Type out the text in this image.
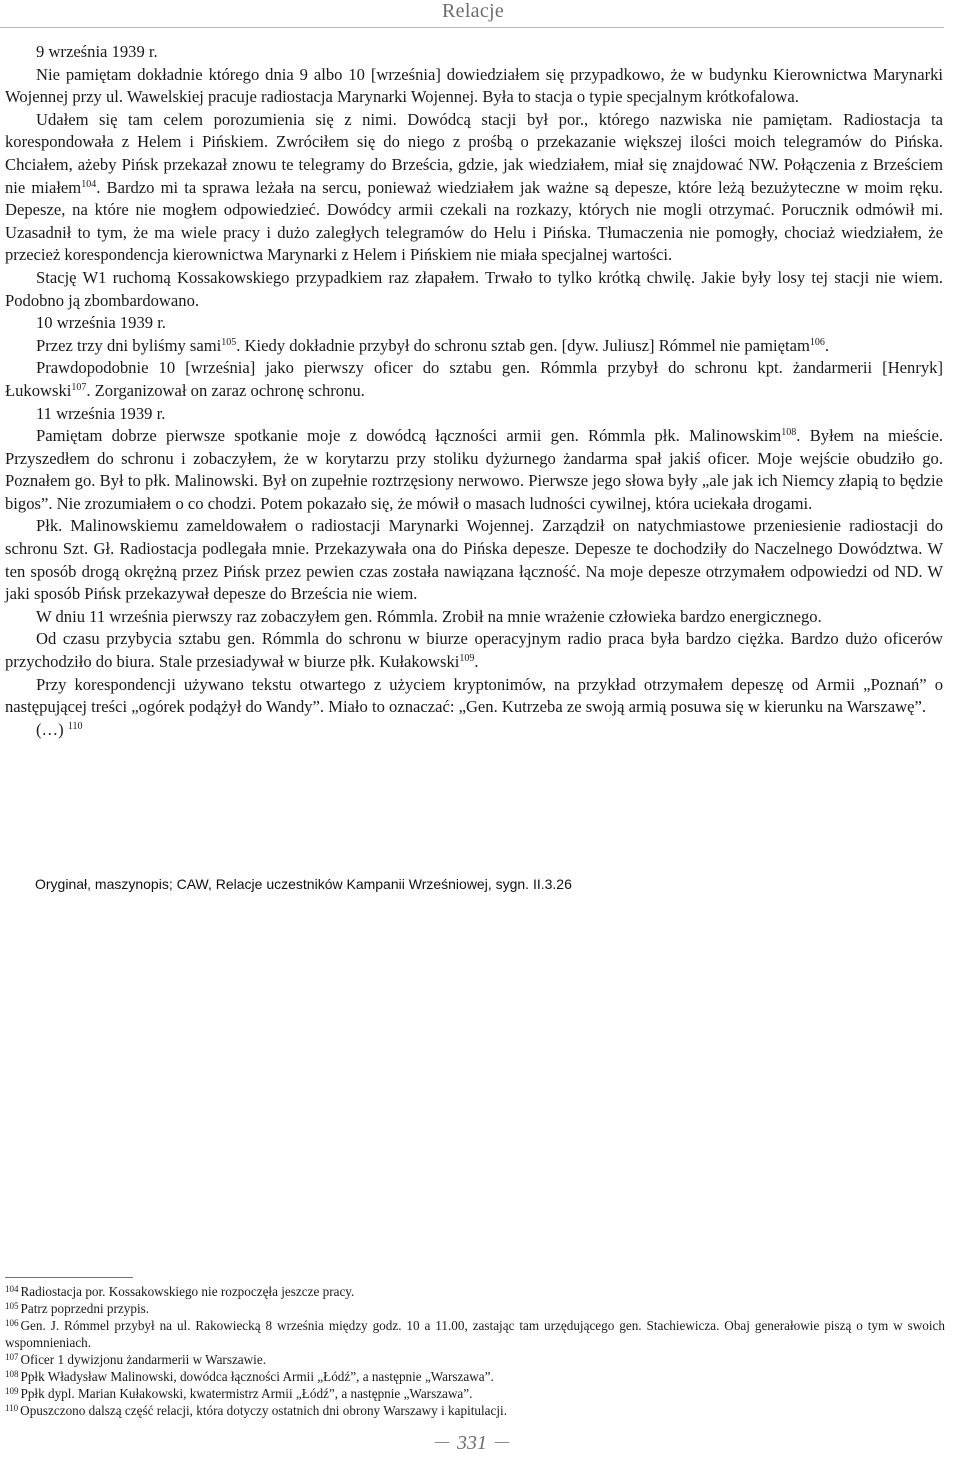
Relacje

9 września 1939 r.

Nie pamiętam dokładnie którego dnia 9 albo 10 [września] dowiedziałem się przypadkowo, że w budynku Kierownictwa Marynarki Wojennej przy ul. Wawelskiej pracuje radiostacja Marynarki Wojennej. Była to stacja o typie specjalnym krótkofalowa.

Udałem się tam celem porozumienia się z nimi. Dowódcą stacji był por., którego nazwiska nie pamiętam. Radiostacja ta korespondowała z Helem i Pińskiem. Zwróciłem się do niego z prośbą o przekazanie większej ilości moich telegramów do Pińska. Chciałem, ażeby Pińsk przekazał znowu te telegramy do Brześcia, gdzie, jak wiedziałem, miał się znajdować NW. Połączenia z Brześciem nie miałem$^{104}$. Bardzo mi ta sprawa leżała na sercu, ponieważ wiedziałem jak ważne są depesze, które leżą bezużyteczne w moim ręku. Depesze, na które nie mogłem odpowiedzieć. Dowódcy armii czekali na rozkazy, których nie mogli otrzymać. Porucznik odmówił mi. Uzasadnił to tym, że ma wiele pracy i dużo zaległych telegramów do Helu i Pińska. Tłumaczenia nie pomogły, chociaż wiedziałem, że przecież korespondencja kierownictwa Marynarki z Helem i Pińskiem nie miała specjalnej wartości.

Stację W1 ruchomą Kossakowskiego przypadkiem raz złapałem. Trwało to tylko krótką chwilę. Jakie były losy tej stacji nie wiem. Podobno ją zbombardowano.

10 września 1939 r.

Przez trzy dni byliśmy sami$^{105}$. Kiedy dokładnie przybył do schronu sztab gen. [dyw. Juliusz] Rómmel nie pamiętam$^{106}$.

Prawdopodobnie 10 [września] jako pierwszy oficer do sztabu gen. Rómmla przybył do schronu kpt. żandarmerii [Henryk] Łukowski$^{107}$. Zorganizował on zaraz ochronę schronu.

11 września 1939 r.

Pamiętam dobrze pierwsze spotkanie moje z dowódcą łączności armii gen. Rómmla płk. Malinowskim$^{108}$. Byłem na mieście. Przyszedłem do schronu i zobaczyłem, że w korytarzu przy stoliku dyżurnego żandarma spał jakiś oficer. Moje wejście obudziło go. Poznałem go. Był to płk. Malinowski. Był on zupełnie roztrzęsiony nerwowo. Pierwsze jego słowa były „ale jak ich Niemcy złapią to będzie bigos”. Nie zrozumiałem o co chodzi. Potem pokazało się, że mówił o masach ludności cywilnej, która uciekała drogami.

Płk. Malinowskiemu zameldowałem o radiostacji Marynarki Wojennej. Zarządził on natychmiastowe przeniesienie radiostacji do schronu Szt. Gł. Radiostacja podlegała mnie. Przekazywała ona do Pińska depesze. Depesze te dochodziły do Naczelnego Dowództwa. W ten sposób drogą okrężną przez Pińsk przez pewien czas została nawiązana łączność. Na moje depesze otrzymałem odpowiedzi od ND. W jaki sposób Pińsk przekazywał depesze do Brześcia nie wiem.

W dniu 11 września pierwszy raz zobaczyłem gen. Rómmla. Zrobił na mnie wrażenie człowieka bardzo energicznego.

Od czasu przybycia sztabu gen. Rómmla do schronu w biurze operacyjnym radio praca była bardzo ciężka. Bardzo dużo oficerów przychodziło do biura. Stale przesiadywał w biurze płk. Kułakowski$^{109}$.

Przy korespondencji używano tekstu otwartego z użyciem kryptonimów, na przykład otrzymałem depeszę od Armii „Poznań” o następującej treści „ogórek podążył do Wandy”. Miało to oznaczać: „Gen. Kutrzeba ze swoją armią posuwa się w kierunku na Warszawę”.

(…) $^{110}$

Oryginał, maszynopis; CAW, Relacje uczestników Kampanii Wrześniowej, sygn. II.3.26

$^{104}$ Radiostacja por. Kossakowskiego nie rozpoczęła jeszcze pracy.

$^{105}$ Patrz poprzedni przypis.

$^{106}$ Gen. J. Rómmel przybył na ul. Rakowiecką 8 września między godz. 10 a 11.00, zastając tam urzędującego gen. Stachiewicza. Obaj generałowie piszą o tym w swoich wspomnieniach.

$^{107}$ Oficer 1 dywizjonu żandarmerii w Warszawie.

$^{108}$ Ppłk Władysław Malinowski, dowódca łączności Armii „Łódź”, a następnie „Warszawa”.

$^{109}$ Ppłk dypl. Marian Kułakowski, kwatermistrz Armii „Łódź”, a następnie „Warszawa”.

$^{110}$ Opuszczono dalszą część relacji, która dotyczy ostatnich dni obrony Warszawy i kapitulacji.

331
